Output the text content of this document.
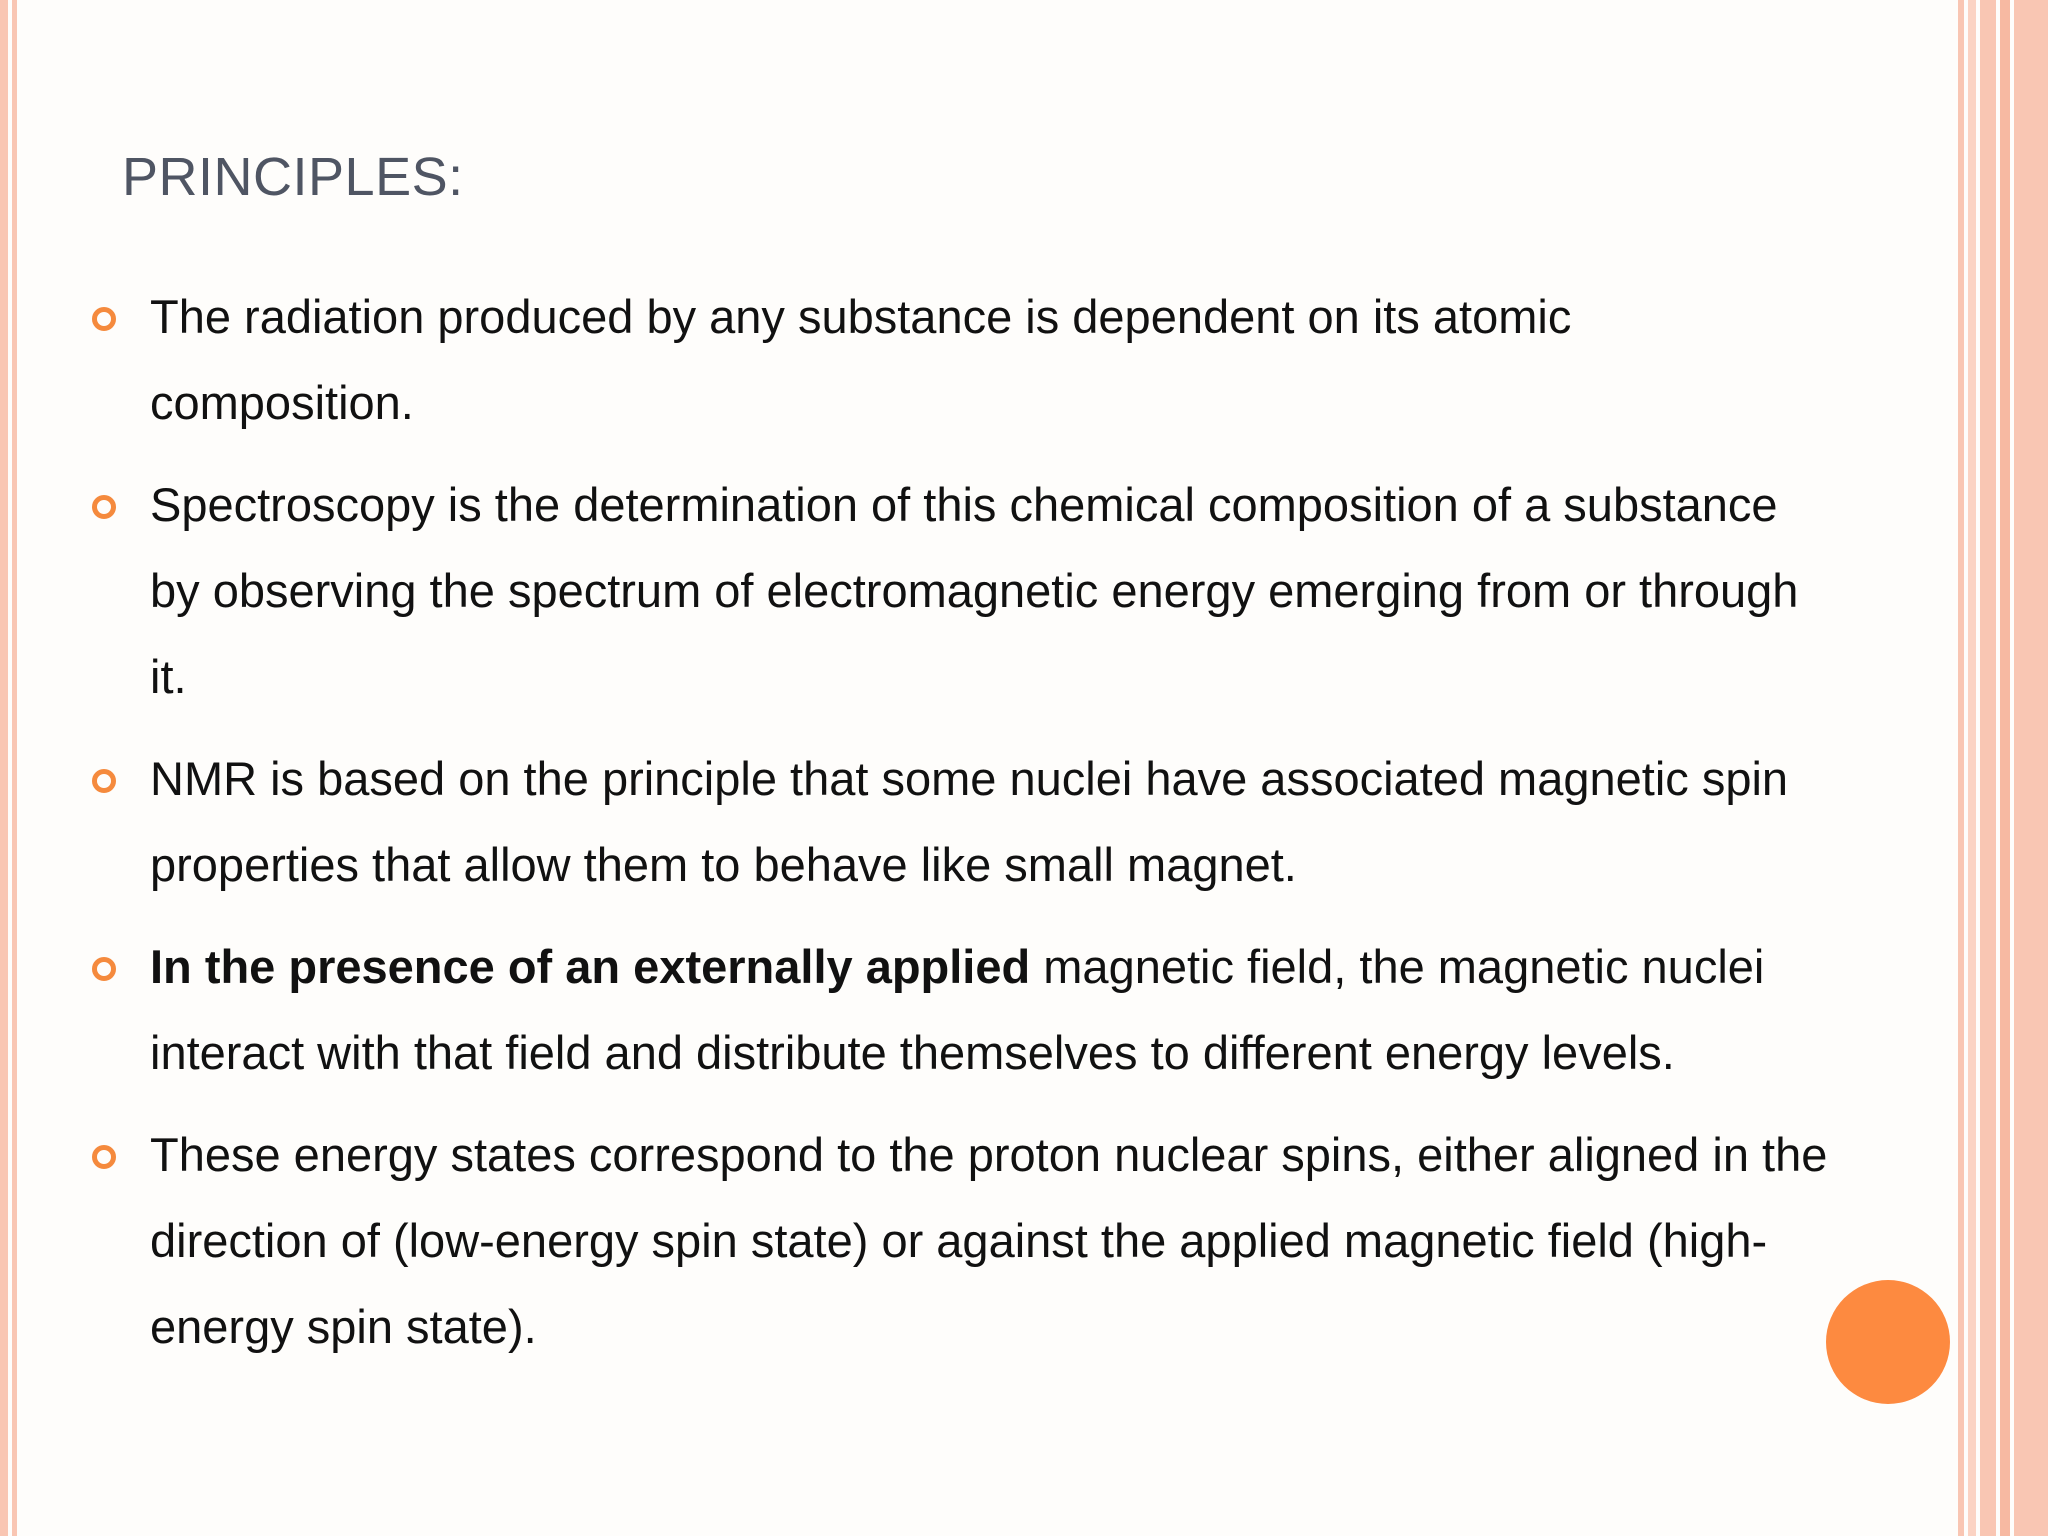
PRINCIPLES:
The radiation produced by any substance is dependent on its atomic composition.
Spectroscopy is the determination of this chemical composition of a substance by observing the spectrum of electromagnetic energy emerging from or through it.
NMR is based on the principle that some nuclei have associated magnetic spin properties that allow them to behave like small magnet.
In the presence of an externally applied magnetic field, the magnetic nuclei interact with that field and distribute themselves to different energy levels.
These energy states correspond to the proton nuclear spins, either aligned in the direction of (low-energy spin state) or against the applied magnetic field (high-energy spin state).
